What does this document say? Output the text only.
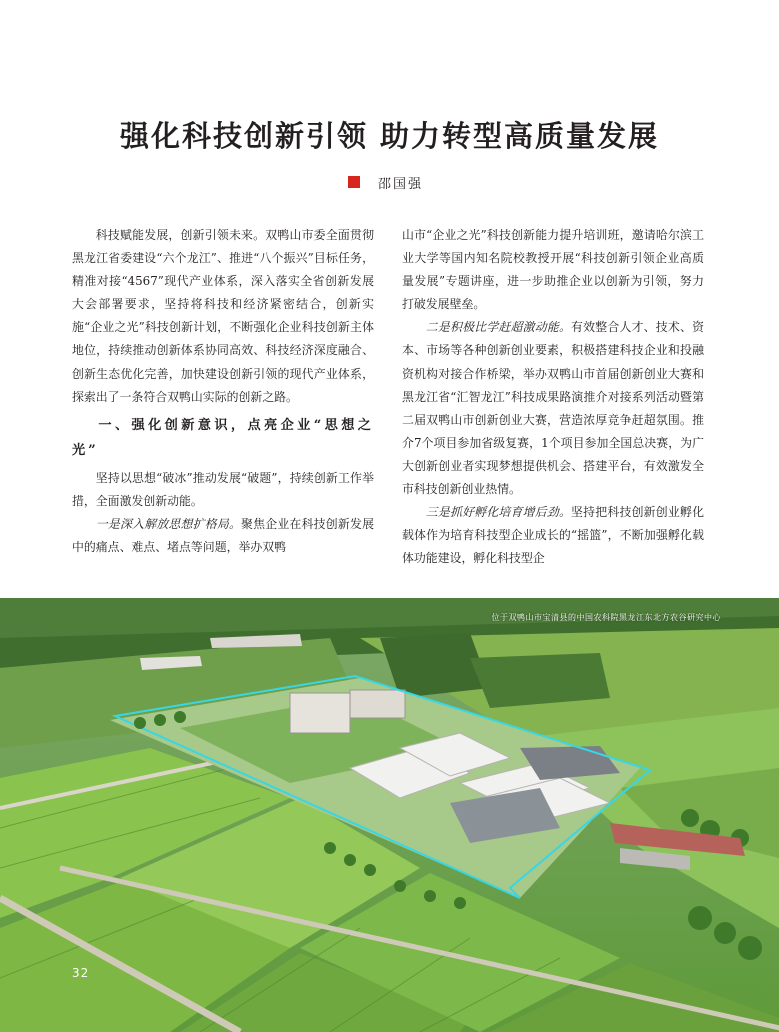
强化科技创新引领 助力转型高质量发展
邵国强

科技赋能发展，创新引领未来。双鸭山市委全面贯彻黑龙江省委建设“六个龙江”、推进“八个振兴”目标任务，精准对接“4567”现代产业体系，深入落实全省创新发展大会部署要求，坚持将科技和经济紧密结合，创新实施“企业之光”科技创新计划，不断强化企业科技创新主体地位，持续推动创新体系协同高效、科技经济深度融合、创新生态优化完善，加快建设创新引领的现代产业体系，探索出了一条符合双鸭山实际的创新之路。

一、强化创新意识，点亮企业“思想之光”

坚持以思想“破冰”推动发展“破题”，持续创新工作举措，全面激发创新动能。

一是深入解放思想扩格局。聚焦企业在科技创新发展中的痛点、难点、堵点等问题，举办双鸭

山市“企业之光”科技创新能力提升培训班，邀请哈尔滨工业大学等国内知名院校教授开展“科技创新引领企业高质量发展”专题讲座，进一步助推企业以创新为引领，努力打破发展壁垒。

二是积极比学赶超激动能。有效整合人才、技术、资本、市场等各种创新创业要素，积极搭建科技企业和投融资机构对接合作桥梁，举办双鸭山市首届创新创业大赛和黑龙江省“汇智龙江”科技成果路演推介对接系列活动暨第二届双鸭山市创新创业大赛，营造浓厚竞争赶超氛围。推介7个项目参加省级复赛，1个项目参加全国总决赛，为广大创新创业者实现梦想提供机会、搭建平台，有效激发全市科技创新创业热情。

三是抓好孵化培育增后劲。坚持把科技创新创业孵化载体作为培育科技型企业成长的“摇篮”，不断加强孵化载体功能建设，孵化科技型企

位于双鸭山市宝清县的中国农科院黑龙江东北方农谷研究中心
32
